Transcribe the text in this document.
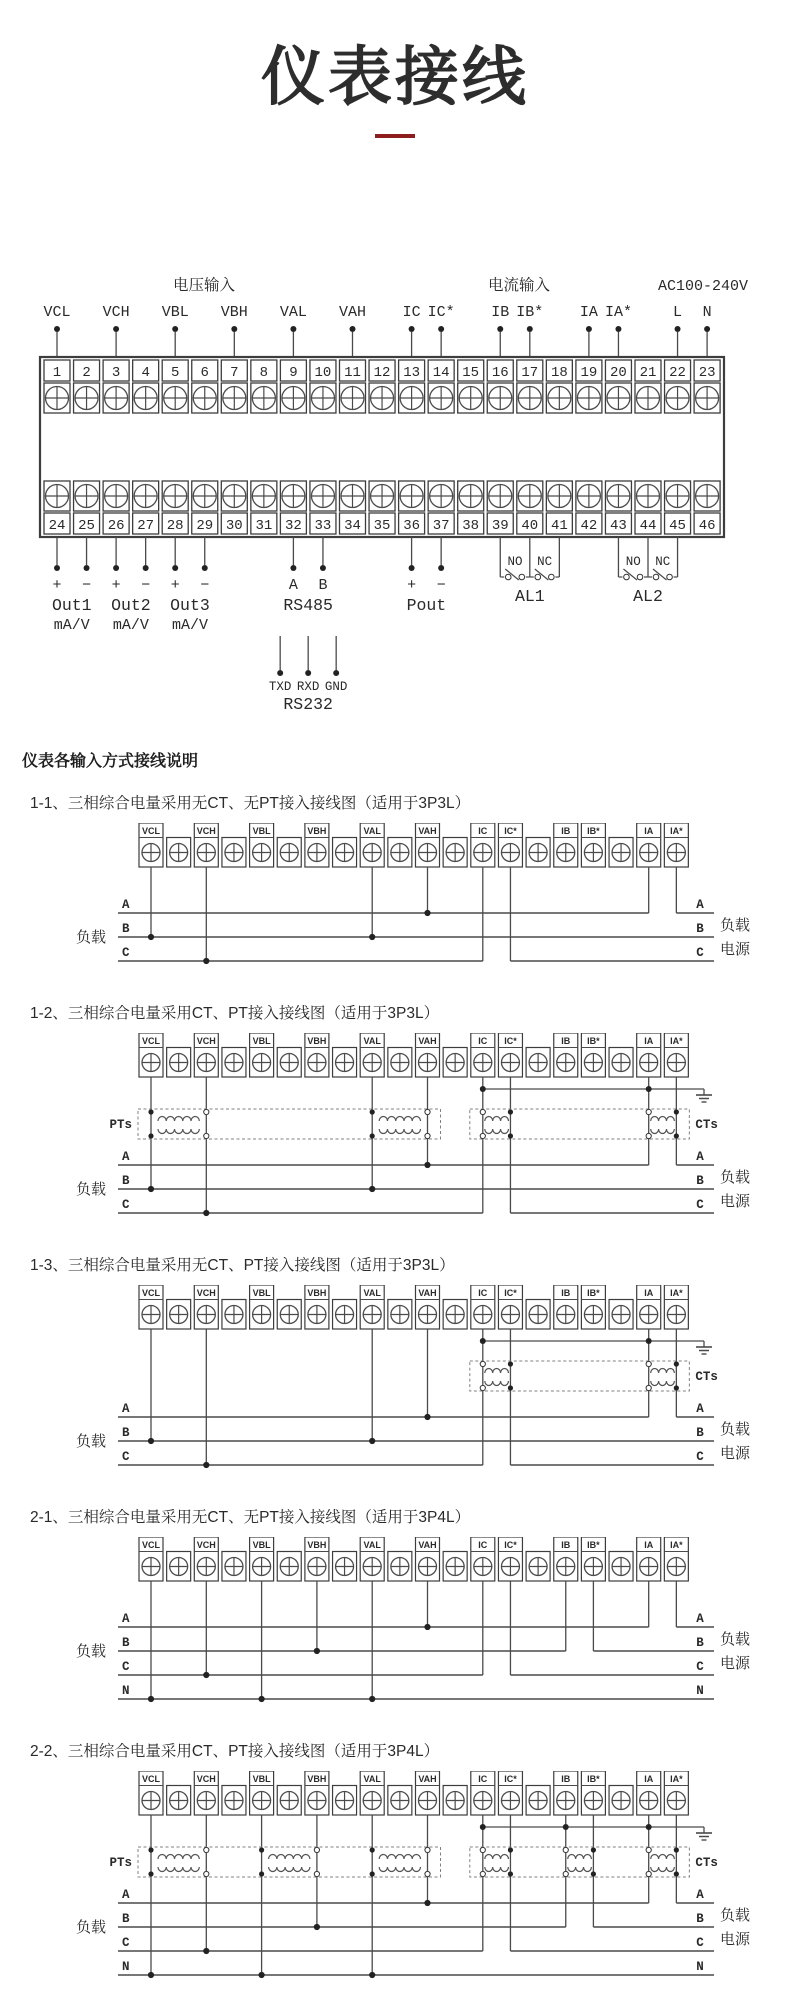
仪表接线
电压输入	电流输入	AC100-240V
VCL VCH VBL VBH VAL VAH IC IC* IB IB* IA IA*	L N
1 2 3 4 5 6 7 8 9 10 11 12 13 14 15 16 17 18 19 20 21 22 23
24 25 26 27 28 29 30 31 32 33 34 35 36 37 38 39 40 41 42 43 44 45 46
+ −
Out1
mA/V
+ −
Out2
mA/V
+ −
Out3
mA/V
A B
RS485
TXD RXD GND
RS232
+ −
Pout
NO NC
AL1
NO NC
AL2
仪表各输入方式接线说明
1-1、三相综合电量采用无CT、无PT接入接线图（适用于3P3L）
VCL	VCH	VBL	VBH	VAL	VAH	IC IC*	IB IB*	IA IA*
A	A
B	B
C	C
负载
负载
电源
1-2、三相综合电量采用CT、PT接入接线图（适用于3P3L）
VCL	VCH	VBL	VBH	VAL	VAH	IC IC*	IB IB*	IA IA*
A	A
B	B
C	C
PTs	CTs
负载
负载
电源
1-3、三相综合电量采用无CT、PT接入接线图（适用于3P3L）
VCL	VCH	VBL	VBH	VAL	VAH	IC IC*	IB IB*	IA IA*
A	A
B	B
C	C
CTs
负载
负载
电源
2-1、三相综合电量采用无CT、无PT接入接线图（适用于3P4L）
VCL	VCH	VBL	VBH	VAL	VAH	IC IC*	IB IB*	IA IA*
A	A
B	B
C	C
N	N
负载
负载
电源
2-2、三相综合电量采用CT、PT接入接线图（适用于3P4L）
VCL	VCH	VBL	VBH	VAL	VAH	IC IC*	IB IB*	IA IA*
A	A
B	B
C	C
N	N
PTs	CTs
负载
负载
电源
